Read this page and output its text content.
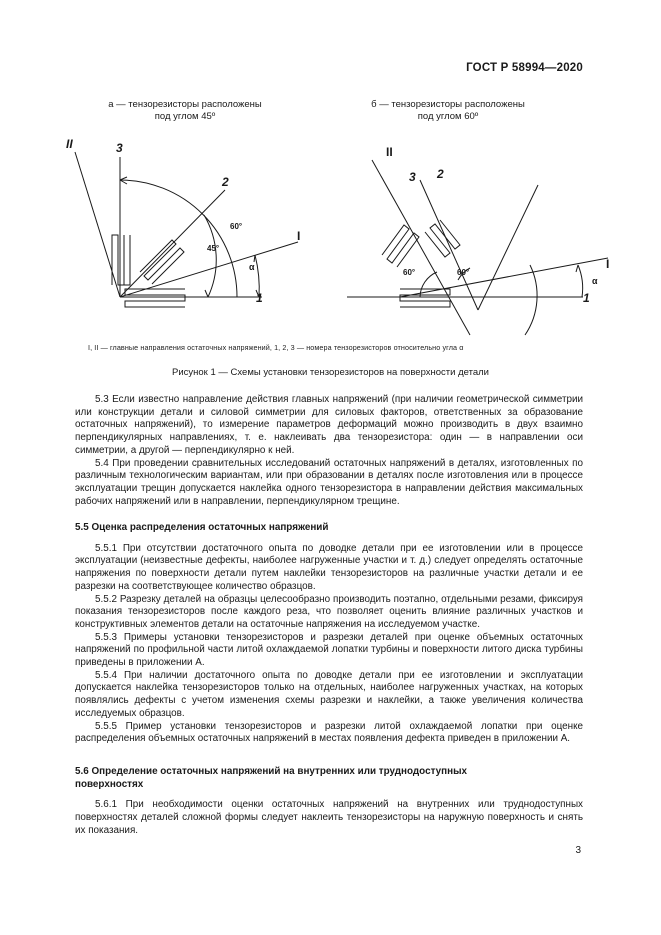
ГОСТ Р 58994—2020
а — тензорезисторы расположены
под углом 45º
б — тензорезисторы расположены
под углом 60º
II	3
2
I
1
II
3 2
I
1
60°
45°
α
60°	60°
α
I, II — главные направления остаточных напряжений, 1, 2, 3 — номера тензорезисторов относительно угла α
Рисунок 1 — Схемы установки тензорезисторов на поверхности детали

5.3 Если известно направление действия главных напряжений (при наличии геометрической симметрии или конструкции детали и силовой симметрии для силовых факторов, ответственных за образование остаточных напряжений), то измерение параметров деформаций можно производить в двух взаимно перпендикулярных направлениях, т. е. наклеивать два тензорезистора: один — в направлении оси симметрии, а другой — перпендикулярно к ней.

5.4 При проведении сравнительных исследований остаточных напряжений в деталях, изготовленных по различным технологическим вариантам, или при образовании в деталях после изготовления или в процессе эксплуатации трещин допускается наклейка одного тензорезистора в направлении действия максимальных рабочих напряжений или в направлении, перпендикулярном трещине.

5.5 Оценка распределения остаточных напряжений

5.5.1 При отсутствии достаточного опыта по доводке детали при ее изготовлении или в процессе эксплуатации (неизвестные дефекты, наиболее нагруженные участки и т. д.) следует определять остаточные напряжения по поверхности детали путем наклейки тензорезисторов на различные участки детали и ее разрезки на соответствующее количество образцов.

5.5.2 Разрезку деталей на образцы целесообразно производить поэтапно, отдельными резами, фиксируя показания тензорезисторов после каждого реза, что позволяет оценить влияние различных участков и конструктивных элементов детали на остаточные напряжения на исследуемом участке.

5.5.3 Примеры установки тензорезисторов и разрезки деталей при оценке объемных остаточных напряжений по профильной части литой охлаждаемой лопатки турбины и поверхности литого диска турбины приведены в приложении А.

5.5.4 При наличии достаточного опыта по доводке детали при ее изготовлении и эксплуатации допускается наклейка тензорезисторов только на отдельных, наиболее нагруженных участках, на которых появлялись дефекты с учетом изменения схемы разрезки и наклейки, а также увеличения количества исследуемых образцов.

5.5.5 Пример установки тензорезисторов и разрезки литой охлаждаемой лопатки при оценке распределения объемных остаточных напряжений в местах появления дефекта приведен в приложении А.

5.6 Определение остаточных напряжений на внутренних или труднодоступных
поверхностях

5.6.1 При необходимости оценки остаточных напряжений на внутренних или труднодоступных поверхностях деталей сложной формы следует наклеить тензорезисторы на наружную поверхность и снять их показания.

3
